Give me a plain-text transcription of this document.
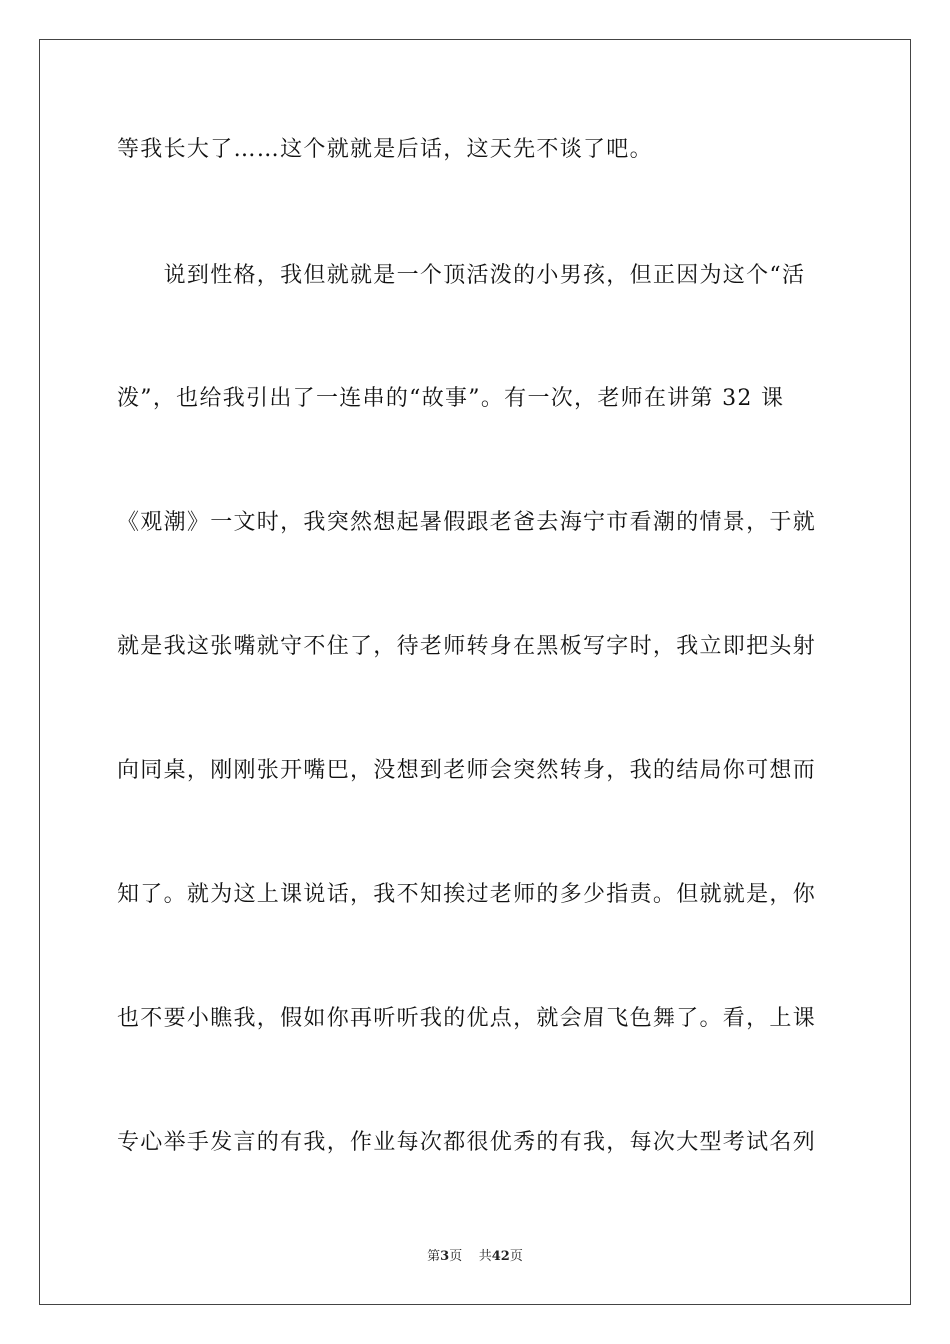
等我长大了……这个就就是后话，这天先不谈了吧。
　　说到性格，我但就就是一个顶活泼的小男孩，但正因为这个“活
泼”，也给我引出了一连串的“故事”。有一次，老师在讲第 32 课
《观潮》一文时，我突然想起暑假跟老爸去海宁市看潮的情景，于就
就是我这张嘴就守不住了，待老师转身在黑板写字时，我立即把头射
向同桌，刚刚张开嘴巴，没想到老师会突然转身，我的结局你可想而
知了。就为这上课说话，我不知挨过老师的多少指责。但就就是，你
也不要小瞧我，假如你再听听我的优点，就会眉飞色舞了。看，上课
专心举手发言的有我，作业每次都很优秀的有我，每次大型考试名列
第3页 共42页
